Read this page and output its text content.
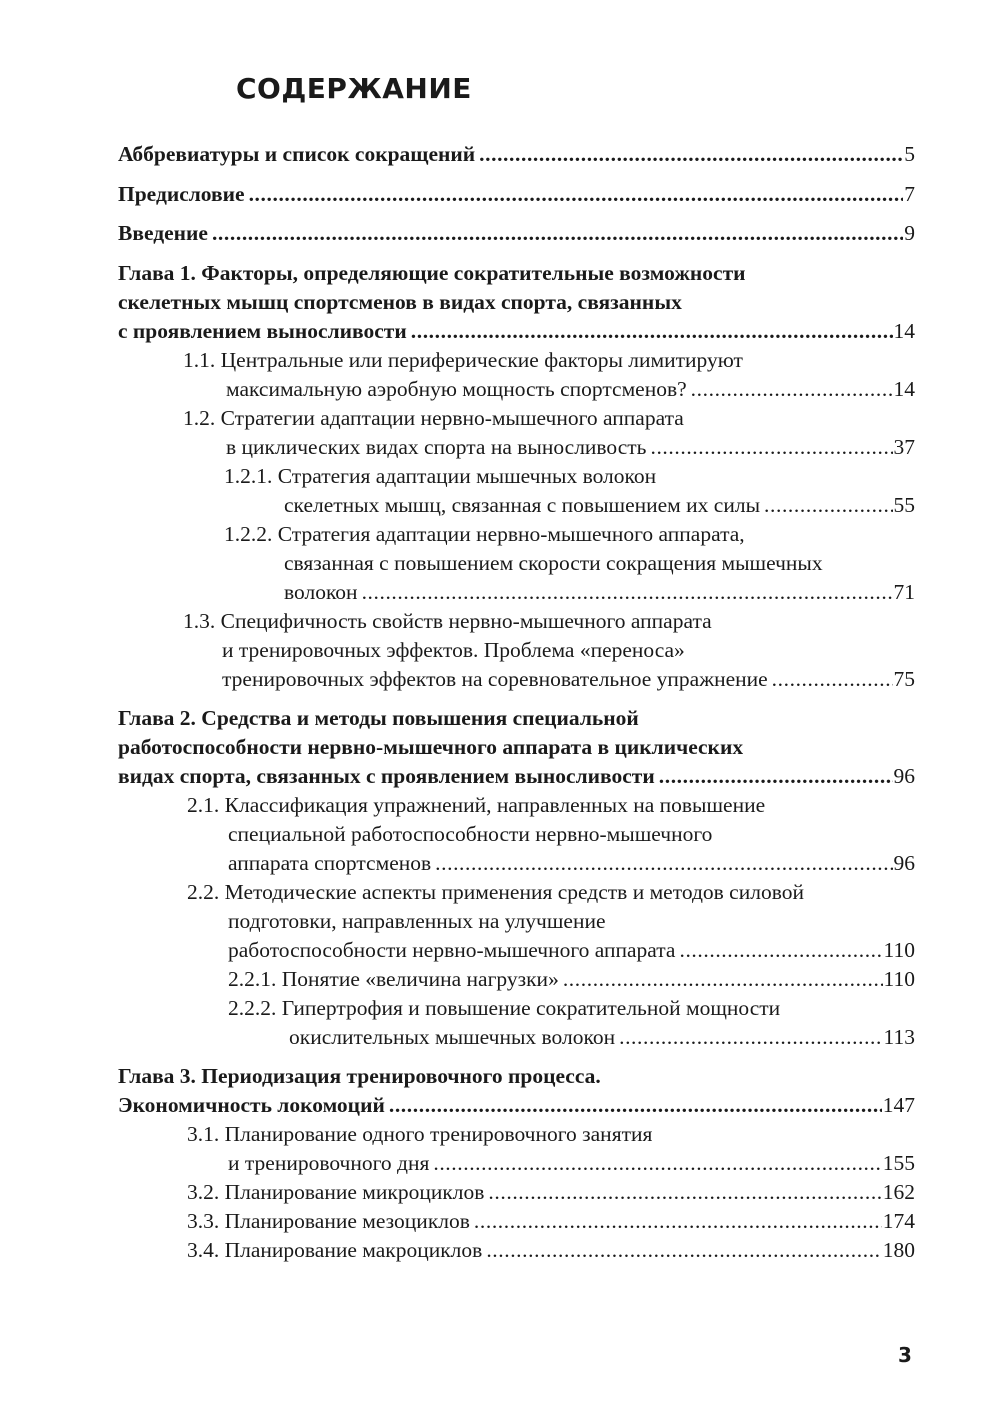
СОДЕРЖАНИЕ
Аббревиатуры и список сокращений .....	5
Предисловие .....	7
Введение .....	9
Глава 1. Факторы, определяющие сократительные возможности
скелетных мышц спортсменов в видах спорта, связанных
с проявлением выносливости .....	14
1.1. Центральные или периферические факторы лимитируют
максимальную аэробную мощность спортсменов? .....	14
1.2. Стратегии адаптации нервно-мышечного аппарата
в циклических видах спорта на выносливость .....	37
1.2.1. Стратегия адаптации мышечных волокон
скелетных мышц, связанная с повышением их силы .....	55
1.2.2. Стратегия адаптации нервно-мышечного аппарата,
связанная с повышением скорости сокращения мышечных
волокон .....	71
1.3. Специфичность свойств нервно-мышечного аппарата
и тренировочных эффектов. Проблема «переноса»
тренировочных эффектов на соревновательное упражнение .....	75
Глава 2. Средства и методы повышения специальной
работоспособности нервно-мышечного аппарата в циклических
видах спорта, связанных с проявлением выносливости .....	96
2.1. Классификация упражнений, направленных на повышение
специальной работоспособности нервно-мышечного
аппарата спортсменов .....	96
2.2. Методические аспекты применения средств и методов силовой
подготовки, направленных на улучшение
работоспособности нервно-мышечного аппарата .....	110
2.2.1. Понятие «величина нагрузки» .....	110
2.2.2. Гипертрофия и повышение сократительной мощности
окислительных мышечных волокон .....	113
Глава 3. Периодизация тренировочного процесса.
Экономичность локомоций .....	147
3.1. Планирование одного тренировочного занятия
и тренировочного дня .....	155
3.2. Планирование микроциклов .....	162
3.3. Планирование мезоциклов .....	174
3.4. Планирование макроциклов .....	180
3
